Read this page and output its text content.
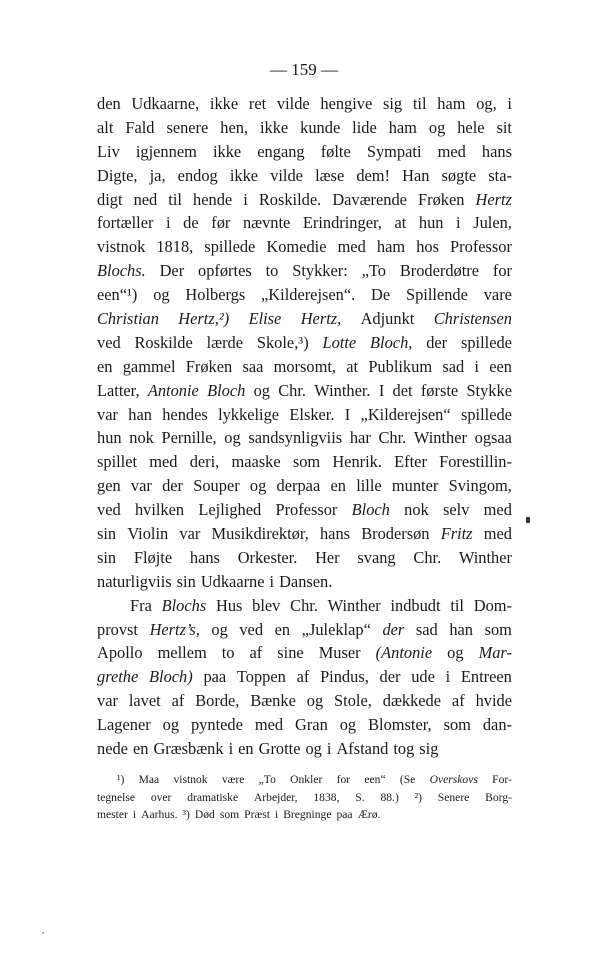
— 159 —
den Udkaarne, ikke ret vilde hengive sig til ham og, i
alt Fald senere hen, ikke kunde lide ham og hele sit
Liv igjennem ikke engang følte Sympati med hans
Digte, ja, endog ikke vilde læse dem! Han søgte sta-
digt ned til hende i Roskilde. Daværende Frøken Hertz
fortæller i de før nævnte Erindringer, at hun i Julen,
vistnok 1818, spillede Komedie med ham hos Professor
Blochs. Der opførtes to Stykker: „To Broderdøtre for
een“¹) og Holbergs „Kilderejsen“. De Spillende vare
Christian Hertz,²) Elise Hertz, Adjunkt Christensen
ved Roskilde lærde Skole,³) Lotte Bloch, der spillede
en gammel Frøken saa morsomt, at Publikum sad i een
Latter, Antonie Bloch og Chr. Winther. I det første Stykke
var han hendes lykkelige Elsker. I „Kilderejsen“ spillede
hun nok Pernille, og sandsynligviis har Chr. Winther ogsaa
spillet med deri, maaske som Henrik. Efter Forestillin-
gen var der Souper og derpaa en lille munter Svingom,
ved hvilken Lejlighed Professor Bloch nok selv med
sin Violin var Musikdirektør, hans Brodersøn Fritz med
sin Fløjte hans Orkester. Her svang Chr. Winther
naturligviis sin Udkaarne i Dansen.
Fra Blochs Hus blev Chr. Winther indbudt til Dom-
provst Hertz’s, og ved en „Juleklap“ der sad han som
Apollo mellem to af sine Muser (Antonie og Mar-
grethe Bloch) paa Toppen af Pindus, der ude i Entreen
var lavet af Borde, Bænke og Stole, dækkede af hvide
Lagener og pyntede med Gran og Blomster, som dan-
nede en Græsbænk i en Grotte og i Afstand tog sig
¹) Maa vistnok være „To Onkler for een“ (Se Overskovs For-
tegnelse over dramatiske Arbejder, 1838, S. 88.) ²) Senere Borg-
mester i Aarhus. ³) Død som Præst i Bregninge paa Ærø.
